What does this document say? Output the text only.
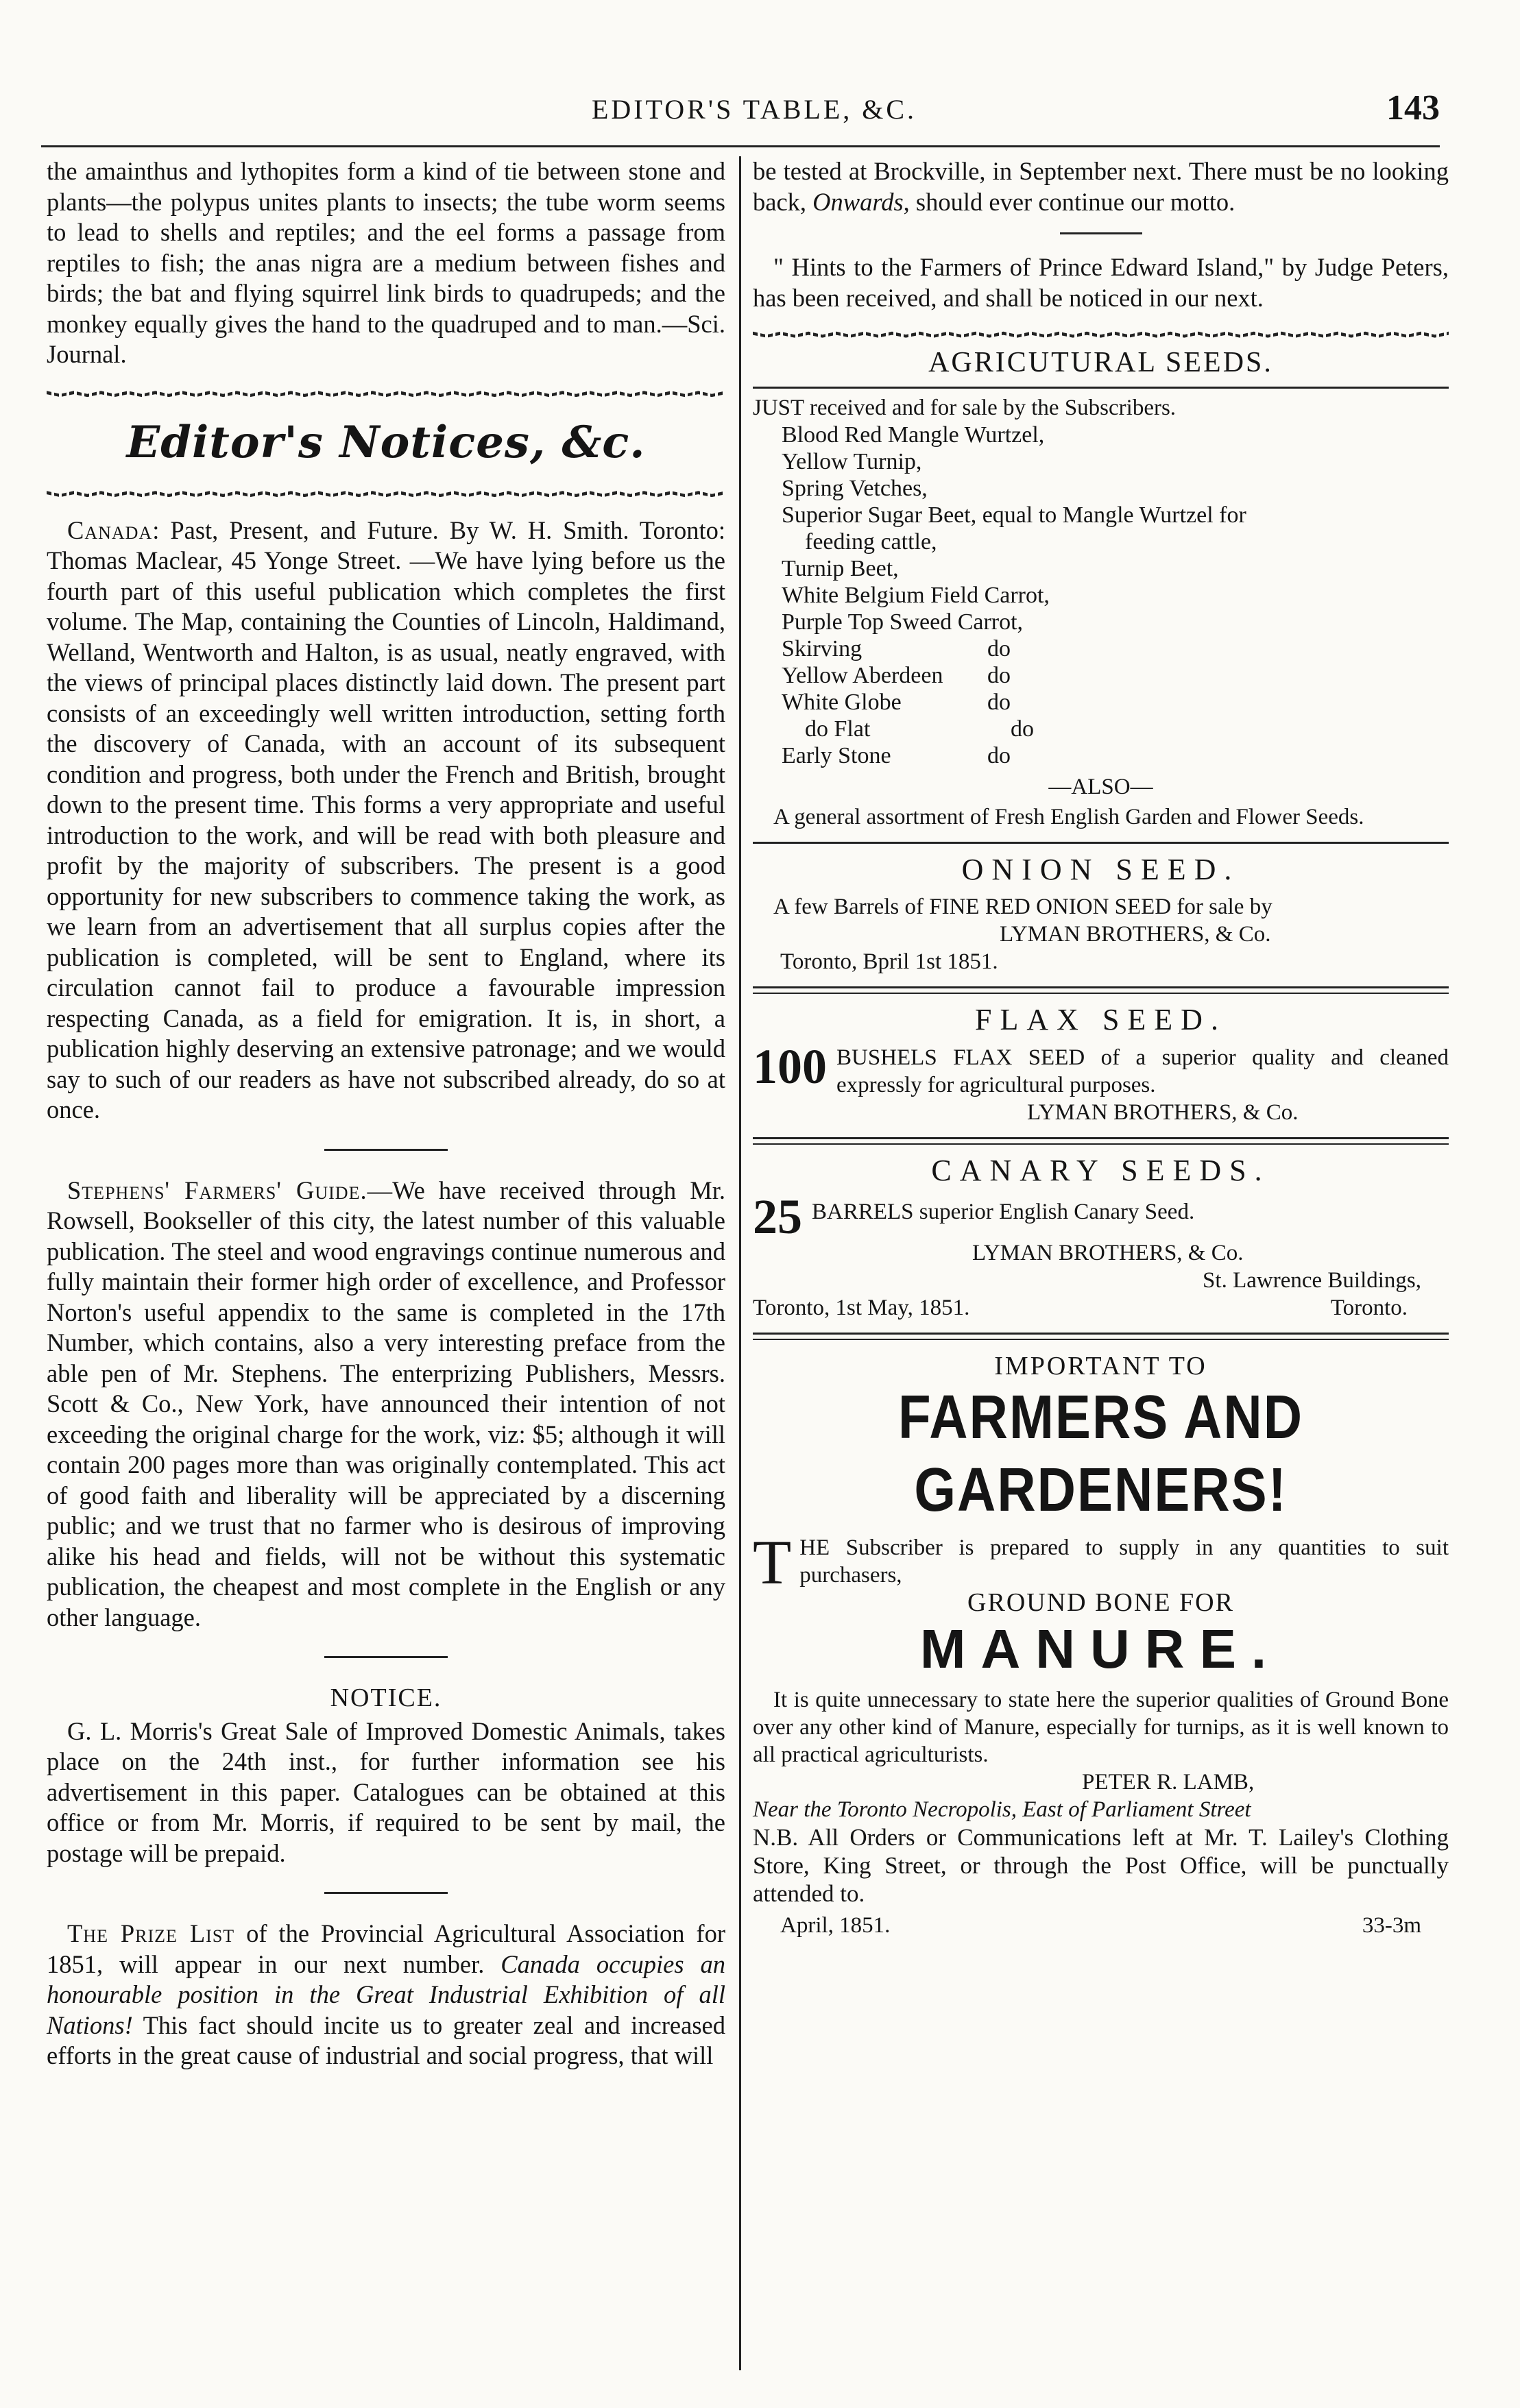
EDITOR'S TABLE, &C.	143

the amainthus and lythopites form a kind of tie between stone and plants—the polypus unites plants to insects; the tube worm seems to lead to shells and reptiles; and the eel forms a passage from reptiles to fish; the anas nigra are a medium between fishes and birds; the bat and flying squirrel link birds to quadrupeds; and the monkey equally gives the hand to the quadruped and to man.—Sci. Journal.

Editor's Notices, &c.

Canada: Past, Present, and Future. By W. H. Smith. Toronto: Thomas Maclear, 45 Yonge Street. —We have lying before us the fourth part of this useful publication which completes the first volume. The Map, containing the Counties of Lincoln, Haldimand, Welland, Wentworth and Halton, is as usual, neatly engraved, with the views of principal places distinctly laid down. The present part consists of an exceedingly well written introduction, setting forth the discovery of Canada, with an account of its subsequent condition and progress, both under the French and British, brought down to the present time. This forms a very appropriate and useful introduction to the work, and will be read with both pleasure and profit by the majority of subscribers. The present is a good opportunity for new subscribers to commence taking the work, as we learn from an advertisement that all surplus copies after the publication is completed, will be sent to England, where its circulation cannot fail to produce a favourable impression respecting Canada, as a field for emigration. It is, in short, a publication highly deserving an extensive patronage; and we would say to such of our readers as have not subscribed already, do so at once.

Stephens' Farmers' Guide.—We have received through Mr. Rowsell, Bookseller of this city, the latest number of this valuable publication. The steel and wood engravings continue numerous and fully maintain their former high order of excellence, and Professor Norton's useful appendix to the same is completed in the 17th Number, which contains, also a very interesting preface from the able pen of Mr. Stephens. The enterprizing Publishers, Messrs. Scott & Co., New York, have announced their intention of not exceeding the original charge for the work, viz: $5; although it will contain 200 pages more than was originally contemplated. This act of good faith and liberality will be appreciated by a discerning public; and we trust that no farmer who is desirous of improving alike his head and fields, will not be without this systematic publication, the cheapest and most complete in the English or any other language.

NOTICE.

G. L. Morris's Great Sale of Improved Domestic Animals, takes place on the 24th inst., for further information see his advertisement in this paper. Catalogues can be obtained at this office or from Mr. Morris, if required to be sent by mail, the postage will be prepaid.

The Prize List of the Provincial Agricultural Association for 1851, will appear in our next number. Canada occupies an honourable position in the Great Industrial Exhibition of all Nations! This fact should incite us to greater zeal and increased efforts in the great cause of industrial and social progress, that will

be tested at Brockville, in September next. There must be no looking back, Onwards, should ever continue our motto.

" Hints to the Farmers of Prince Edward Island," by Judge Peters, has been received, and shall be noticed in our next.

AGRICUTURAL SEEDS.

JUST received and for sale by the Subscribers.

Blood Red Mangle Wurtzel,
Yellow Turnip,
Spring Vetches,
Superior Sugar Beet, equal to Mangle Wurtzel for
feeding cattle,
Turnip Beet,
White Belgium Field Carrot,
Purple Top Sweed Carrot,
Skirving	do
Yellow Aberdeen	do
White Globe	do
do Flat	do
Early Stone	do
—ALSO—

A general assortment of Fresh English Garden and Flower Seeds.

ONION SEED.

A few Barrels of FINE RED ONION SEED for sale by

LYMAN BROTHERS, & Co.
Toronto, Bpril 1st 1851.
FLAX SEED.
100 BUSHELS FLAX SEED of a superior quality and cleaned expressly for agricultural purposes.
LYMAN BROTHERS, & Co.
CANARY SEEDS.
25 BARRELS superior English Canary Seed.
LYMAN BROTHERS, & Co.
St. Lawrence Buildings,
Toronto, 1st May, 1851.	Toronto.
IMPORTANT TO
FARMERS AND GARDENERS!

THE Subscriber is prepared to supply in any quantities to suit purchasers,

GROUND BONE FOR
MANURE.

It is quite unnecessary to state here the superior qualities of Ground Bone over any other kind of Manure, especially for turnips, as it is well known to all practical agriculturists.

PETER R. LAMB,
Near the Toronto Necropolis, East of Parliament Street

N.B. All Orders or Communications left at Mr. T. Lailey's Clothing Store, King Street, or through the Post Office, will be punctually attended to.

April, 1851.	33-3m
